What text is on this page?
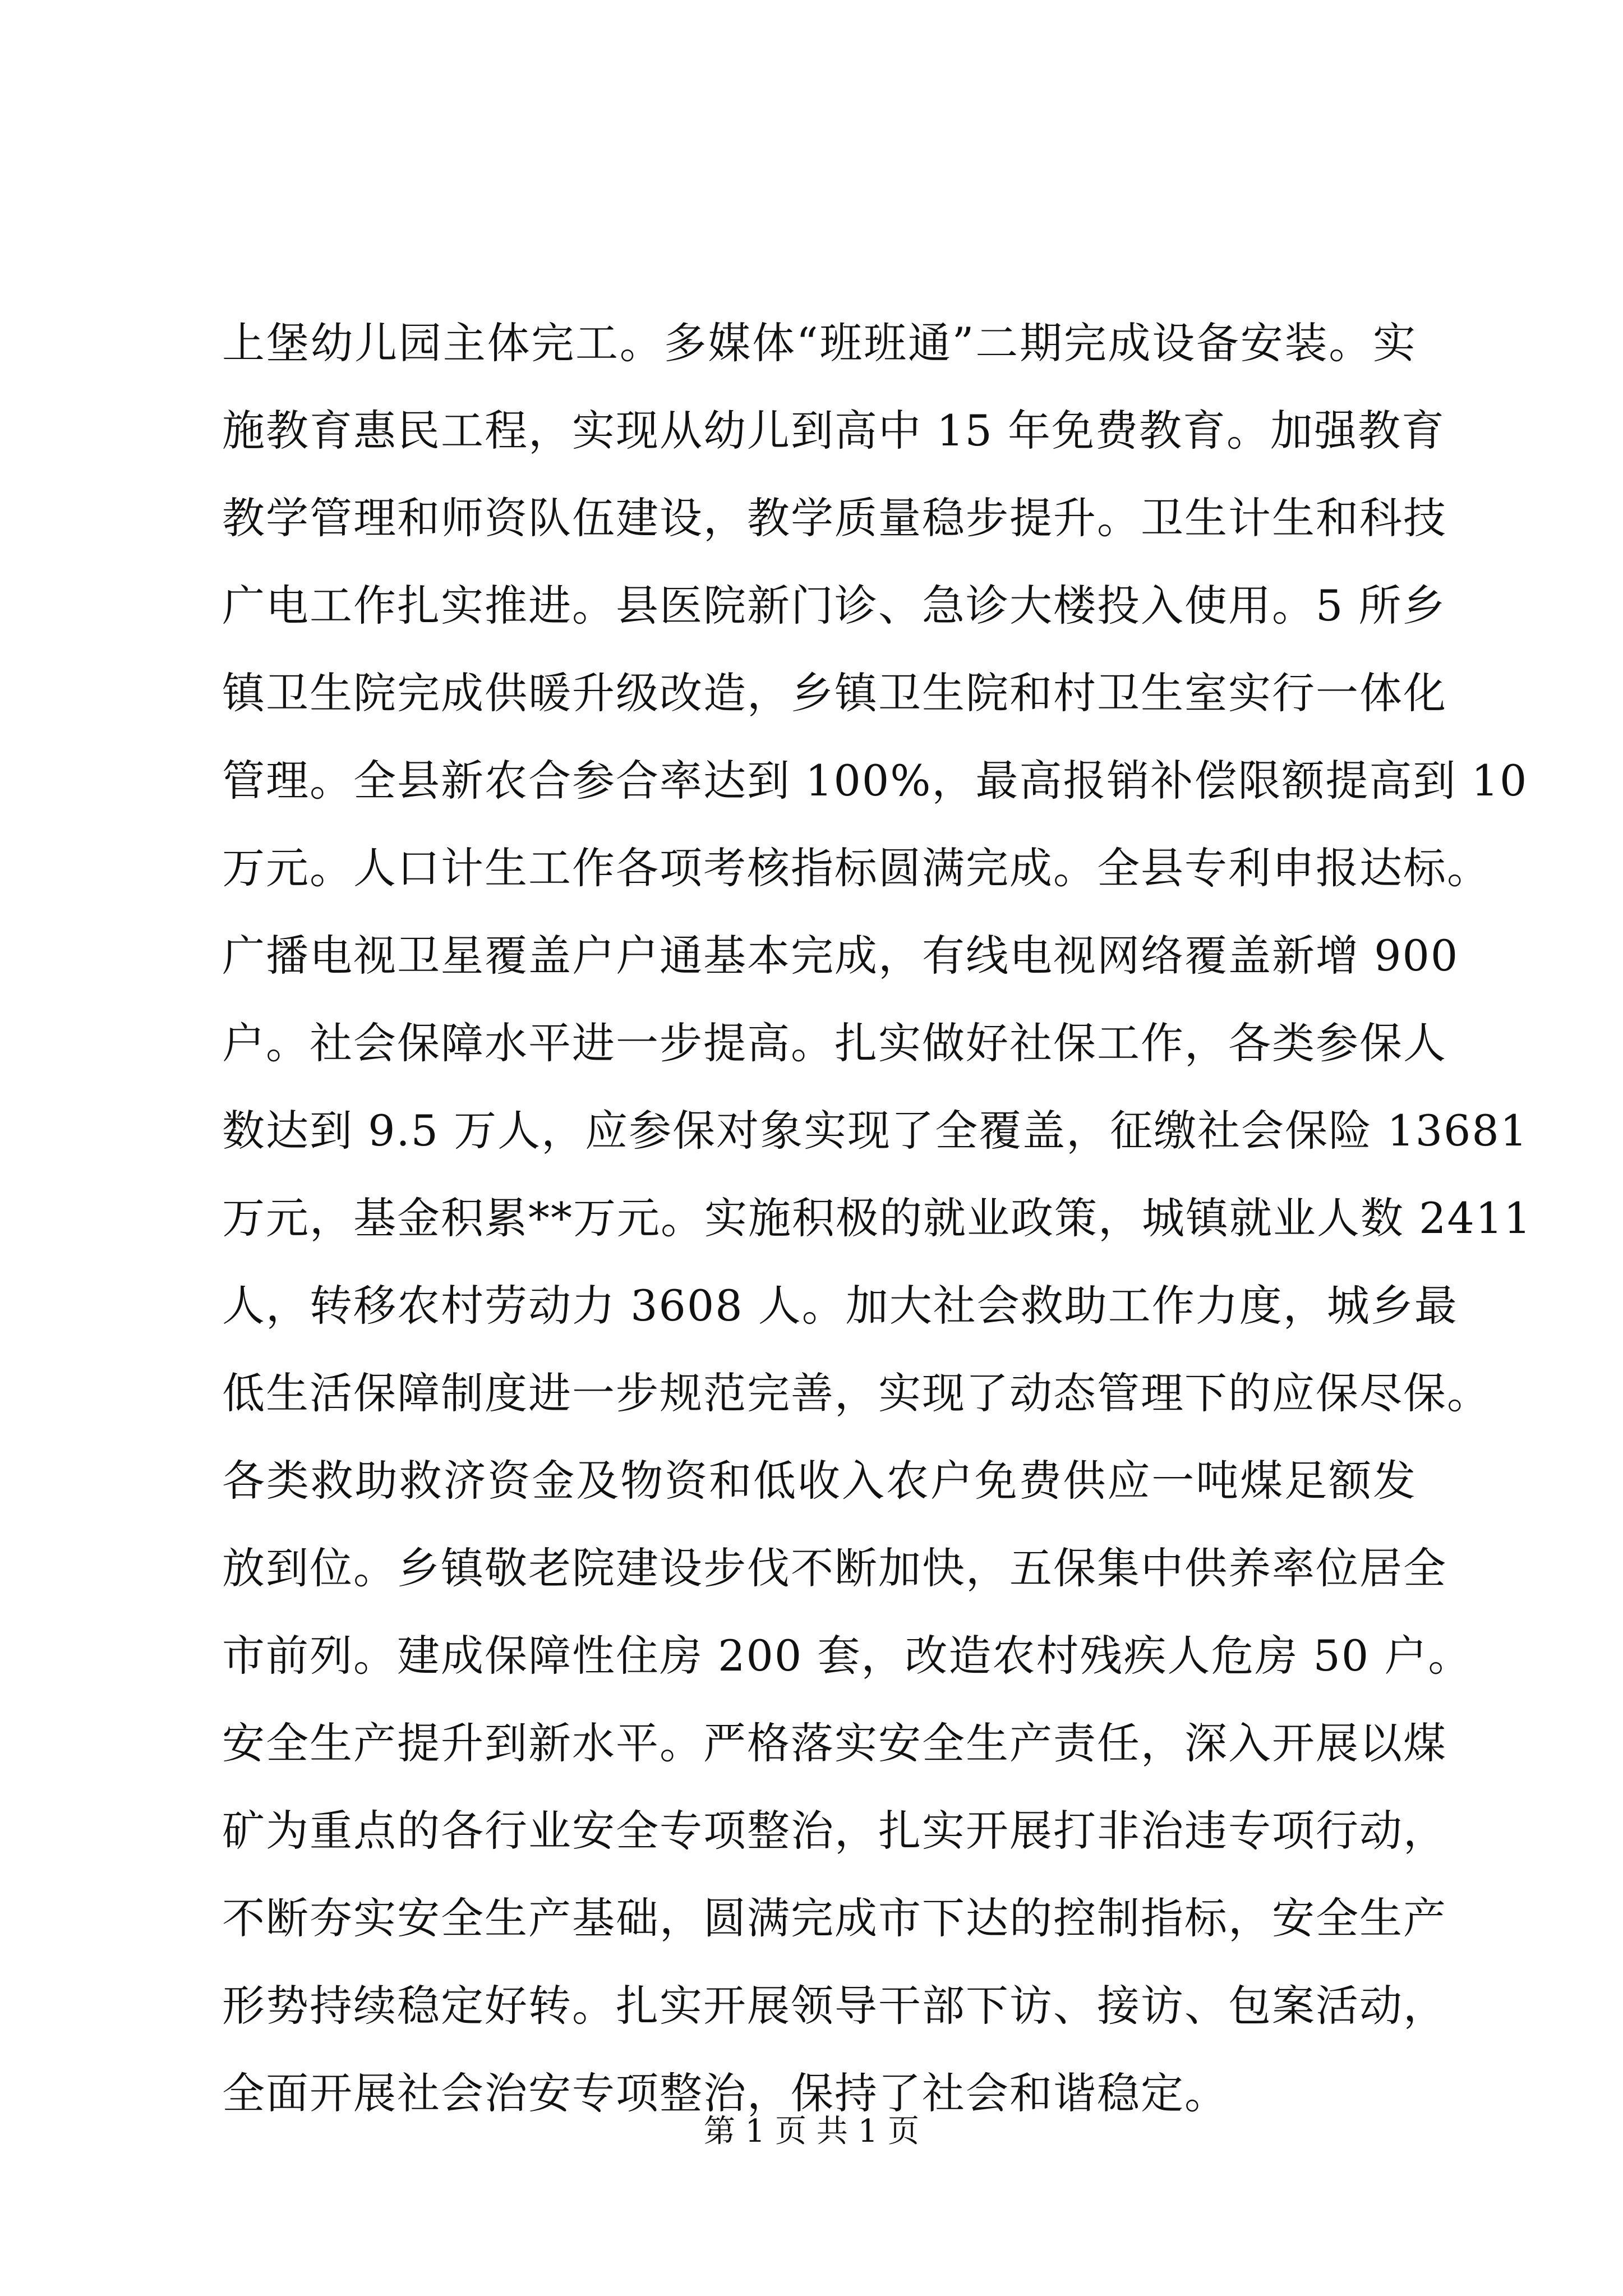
上堡幼儿园主体完工。多媒体“班班通”二期完成设备安装。实
施教育惠民工程，实现从幼儿到高中 15 年免费教育。加强教育
教学管理和师资队伍建设，教学质量稳步提升。卫生计生和科技
广电工作扎实推进。县医院新门诊、急诊大楼投入使用。5 所乡
镇卫生院完成供暖升级改造，乡镇卫生院和村卫生室实行一体化
管理。全县新农合参合率达到 100%，最高报销补偿限额提高到 10
万元。人口计生工作各项考核指标圆满完成。全县专利申报达标。
广播电视卫星覆盖户户通基本完成，有线电视网络覆盖新增 900
户。社会保障水平进一步提高。扎实做好社保工作，各类参保人
数达到 9.5 万人，应参保对象实现了全覆盖，征缴社会保险 13681
万元，基金积累**万元。实施积极的就业政策，城镇就业人数 2411
人，转移农村劳动力 3608 人。加大社会救助工作力度，城乡最
低生活保障制度进一步规范完善，实现了动态管理下的应保尽保。
各类救助救济资金及物资和低收入农户免费供应一吨煤足额发
放到位。乡镇敬老院建设步伐不断加快，五保集中供养率位居全
市前列。建成保障性住房 200 套，改造农村残疾人危房 50 户。
安全生产提升到新水平。严格落实安全生产责任，深入开展以煤
矿为重点的各行业安全专项整治，扎实开展打非治违专项行动，
不断夯实安全生产基础，圆满完成市下达的控制指标，安全生产
形势持续稳定好转。扎实开展领导干部下访、接访、包案活动，
全面开展社会治安专项整治，保持了社会和谐稳定。
第 1 页 共 1 页
